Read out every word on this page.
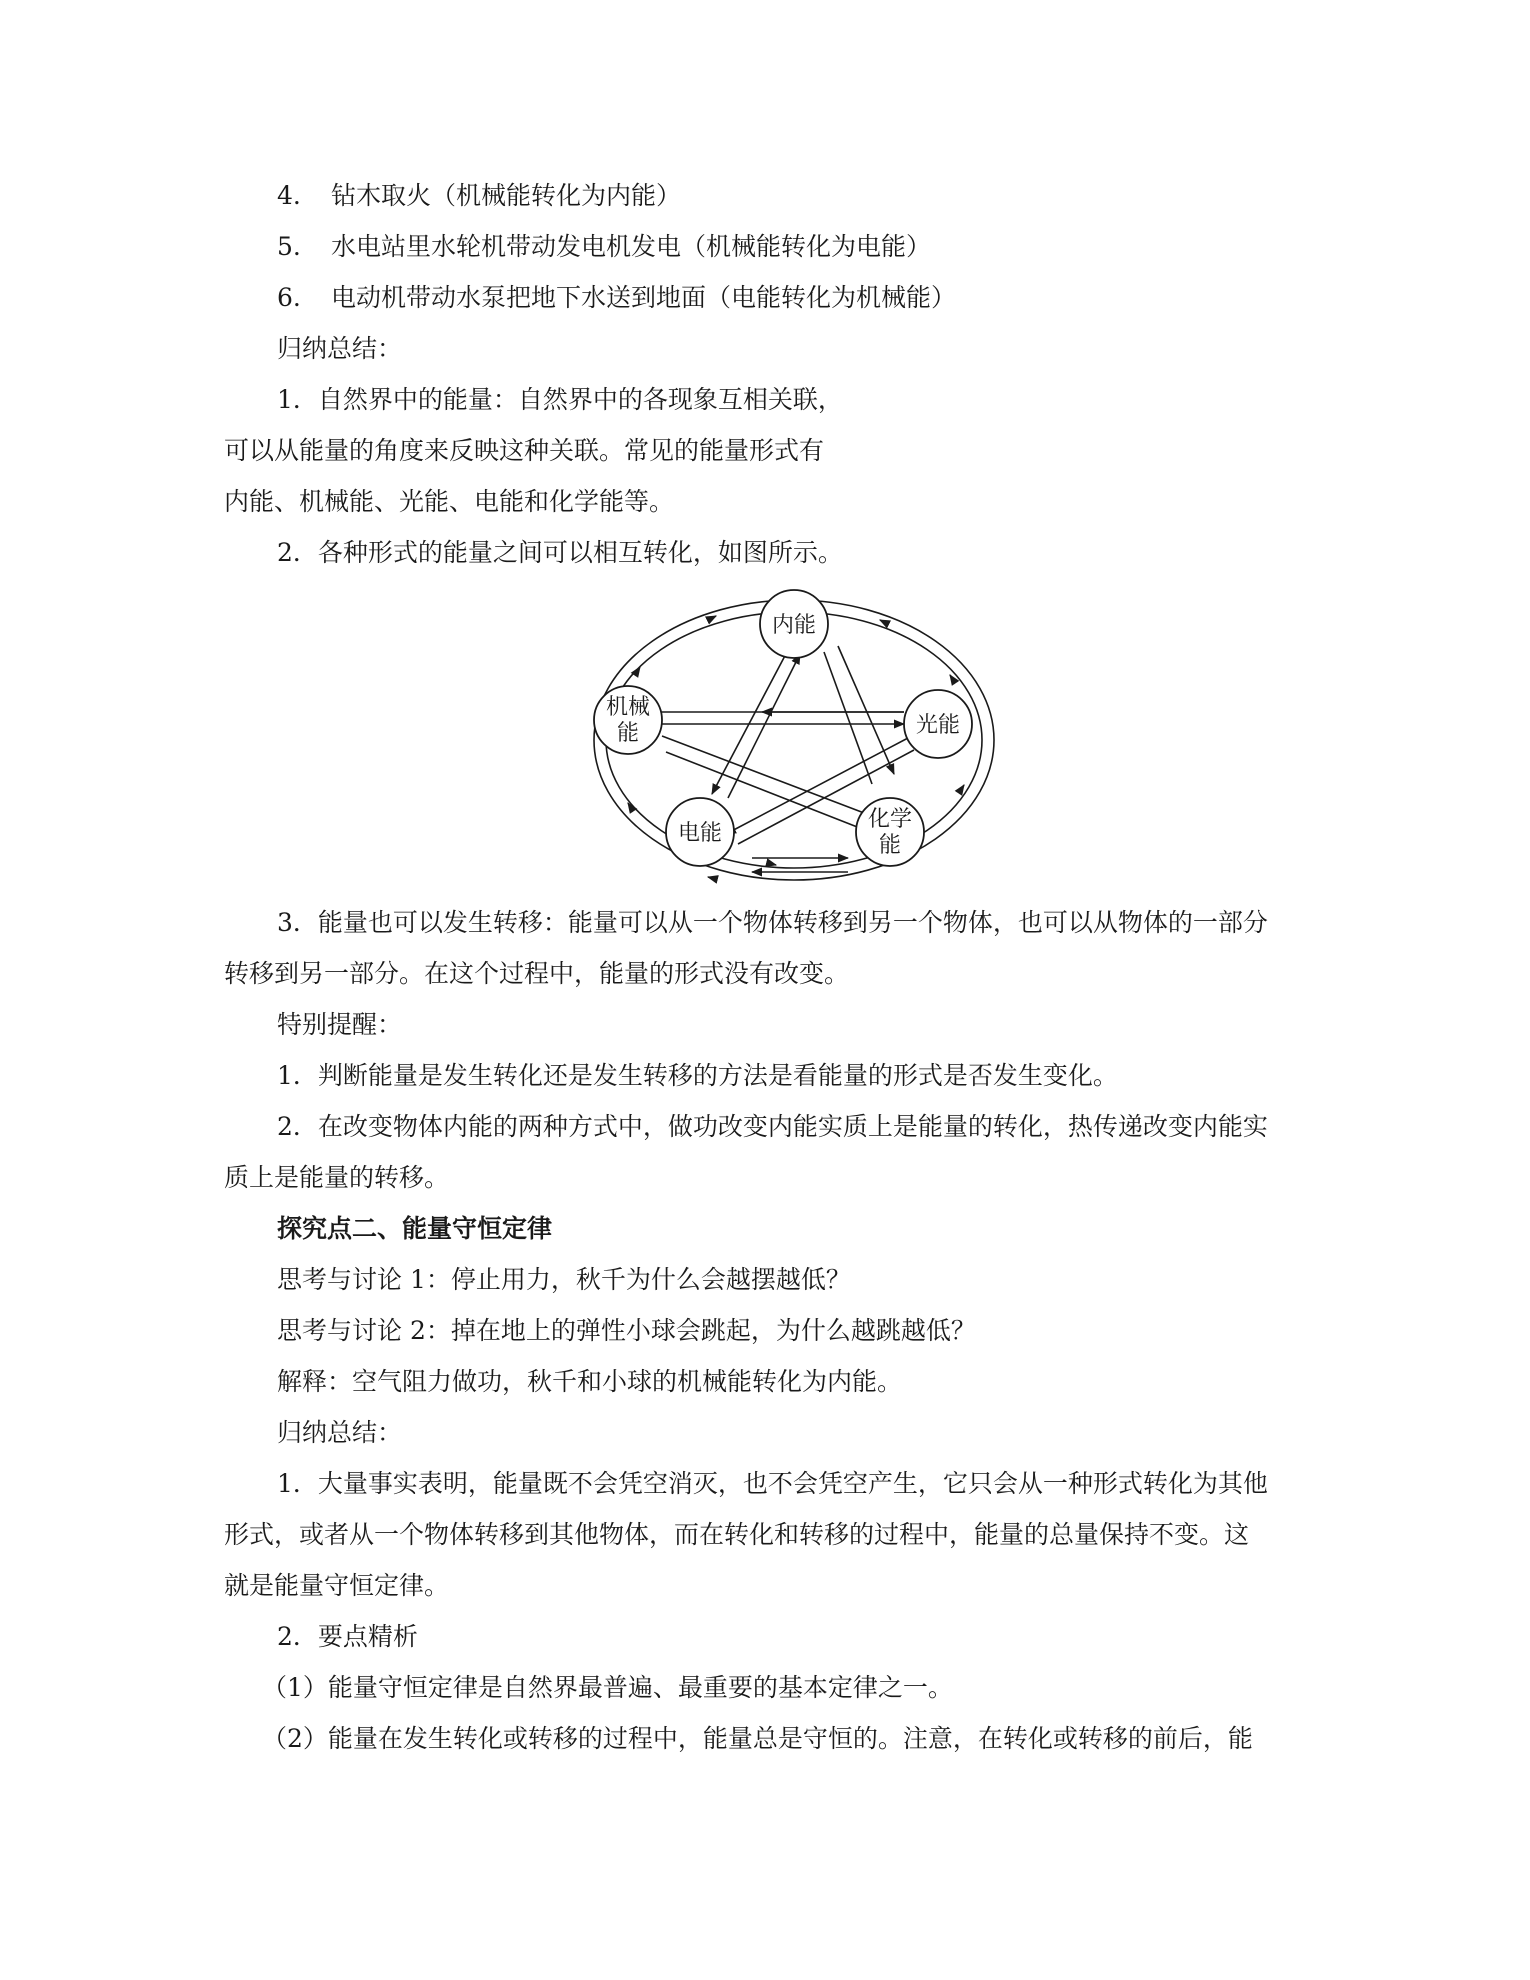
4. 钻木取火（机械能转化为内能）
5. 水电站里水轮机带动发电机发电（机械能转化为电能）
6. 电动机带动水泵把地下水送到地面（电能转化为机械能）
归纳总结：
1．自然界中的能量：自然界中的各现象互相关联，
可以从能量的角度来反映这种关联。常见的能量形式有
内能、机械能、光能、电能和化学能等。
2．各种形式的能量之间可以相互转化，如图所示。
内能
机械
能	光能
电能
化学
能
3．能量也可以发生转移：能量可以从一个物体转移到另一个物体，也可以从物体的一部分
转移到另一部分。在这个过程中，能量的形式没有改变。
特别提醒：
1．判断能量是发生转化还是发生转移的方法是看能量的形式是否发生变化。
2．在改变物体内能的两种方式中，做功改变内能实质上是能量的转化，热传递改变内能实
质上是能量的转移。
探究点二、能量守恒定律
思考与讨论 1：停止用力，秋千为什么会越摆越低？
思考与讨论 2：掉在地上的弹性小球会跳起，为什么越跳越低？
解释：空气阻力做功，秋千和小球的机械能转化为内能。
归纳总结：
1．大量事实表明，能量既不会凭空消灭，也不会凭空产生，它只会从一种形式转化为其他
形式，或者从一个物体转移到其他物体，而在转化和转移的过程中，能量的总量保持不变。这
就是能量守恒定律。
2．要点精析
（1）能量守恒定律是自然界最普遍、最重要的基本定律之一。
（2）能量在发生转化或转移的过程中，能量总是守恒的。注意，在转化或转移的前后，能
